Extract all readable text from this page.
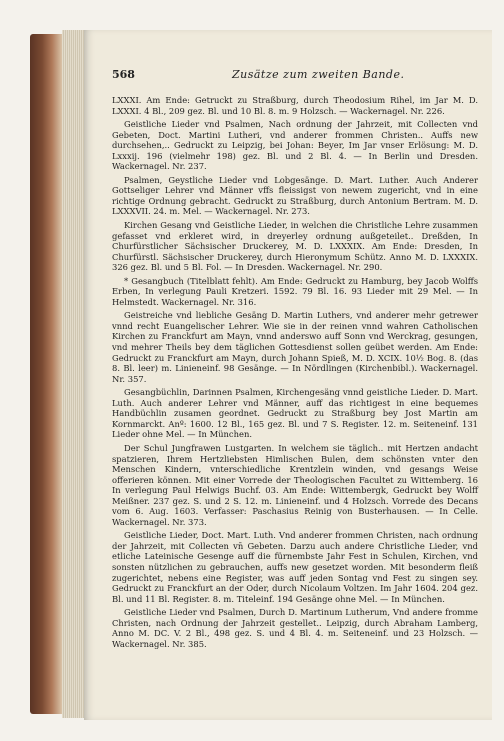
568	Zusätze zum zweiten Bande.

LXXXI. Am Ende: Getruckt zu Straßburg, durch Theodosium Rihel, im Jar M. D. LXXXI. 4 Bl., 209 gez. Bl. und 10 Bl. 8. m. 9 Holzsch. — Wackernagel. Nr. 226.

Geistliche Lieder vnd Psalmen, Nach ordnung der Jahrzeit, mit Collecten vnd Gebeten, Doct. Martini Lutheri, vnd anderer frommen Christen.. Auffs new durchsehen,.. Gedruckt zu Leipzig, bei Johan: Beyer, Im Jar vnser Erlösung: M. D. Lxxxij. 196 (vielmehr 198) gez. Bl. und 2 Bl. 4. — In Berlin und Dresden. Wackernagel. Nr. 237.

Psalmen, Geystliche Lieder vnd Lobgesänge. D. Mart. Luther. Auch Anderer Gottseliger Lehrer vnd Männer vffs fleissigst von newem zugericht, vnd in eine richtige Ordnung gebracht. Gedruckt zu Straßburg, durch Antonium Bertram. M. D. LXXXVII. 24. m. Mel. — Wackernagel. Nr. 273.

Kirchen Gesang vnd Geistliche Lieder, in welchen die Christliche Lehre zusammen gefasset vnd erkleret wird, in dreyerley ordnung außgeteilet.. Dreßden, In Churfürstlicher Sächsischer Druckerey, M. D. LXXXIX. Am Ende: Dresden, In Churfürstl. Sächsischer Druckerey, durch Hieronymum Schütz. Anno M. D. LXXXIX. 326 gez. Bl. und 5 Bl. Fol. — In Dresden. Wackernagel. Nr. 290.

* Gesangbuch (Titelblatt fehlt). Am Ende: Gedruckt zu Hamburg, bey Jacob Wolffs Erben, In verlegung Pauli Kretzeri. 1592. 79 Bl. 16. 93 Lieder mit 29 Mel. — In Helmstedt. Wackernagel. Nr. 316.

Geistreiche vnd liebliche Gesäng D. Martin Luthers, vnd anderer mehr getrewer vnnd recht Euangelischer Lehrer. Wie sie in der reinen vnnd wahren Catholischen Kirchen zu Franckfurt am Mayn, vnnd anderswo auff Sonn vnd Werckrag, gesungen, vnd mehrer Theils bey dem täglichen Gottesdienst sollen geübet werden. Am Ende: Gedruckt zu Franckfurt am Mayn, durch Johann Spieß, M. D. XCIX. 10½ Bog. 8. (das 8. Bl. leer) m. Linieneinf. 98 Gesänge. — In Nördlingen (Kirchenbibl.). Wackernagel. Nr. 357.

Gesangbüchlin, Darinnen Psalmen, Kirchengesäng vnnd geistliche Lieder. D. Mart. Luth. Auch anderer Lehrer vnd Männer, auff das richtigest in eine bequemes Handbüchlin zusamen geordnet. Gedruckt zu Straßburg bey Jost Martin am Kornmarckt. Anº: 1600. 12 Bl., 165 gez. Bl. und 7 S. Register. 12. m. Seiteneinf. 131 Lieder ohne Mel. — In München.

Der Schul Jungfrawen Lustgarten. In welchem sie täglich.. mit Hertzen andacht spatzieren, Ihrem Hertzliebsten Himlischen Bulen, dem schönsten vnter den Menschen Kindern, vnterschiedliche Krentzlein winden, vnd gesangs Weise offerieren können. Mit einer Vorrede der Theologischen Facultet zu Wittemberg. 16 In verlegung Paul Helwigs Buchf. 03. Am Ende: Wittembergk, Gedruckt bey Wolff Meißner. 237 gez. S. und 2 S. 12. m. Linieneinf. und 4 Holzsch. Vorrede des Decans vom 6. Aug. 1603. Verfasser: Paschasius Reinig von Busterhausen. — In Celle. Wackernagel. Nr. 373.

Geistliche Lieder, Doct. Mart. Luth. Vnd anderer frommen Christen, nach ordnung der Jahrzeit, mit Collecten vn̄ Gebeten. Darzu auch andere Christliche Lieder, vnd etliche Lateinische Gesenge auff die fürnembste Jahr Fest in Schulen, Kirchen, vnd sonsten nützlichen zu gebrauchen, auffs new gesetzet worden. Mit besonderm fleiß zugerichtet, nebens eine Register, was auff jeden Sontag vnd Fest zu singen sey. Gedruckt zu Franckfurt an der Oder, durch Nicolaum Voltzen. Im Jahr 1604. 204 gez. Bl. und 11 Bl. Register. 8. m. Titeleinf. 194 Gesänge ohne Mel. — In München.

Geistliche Lieder vnd Psalmen, Durch D. Martinum Lutherum, Vnd andere fromme Christen, nach Ordnung der Jahrzeit gestellet.. Leipzig, durch Abraham Lamberg, Anno M. DC. V. 2 Bl., 498 gez. S. und 4 Bl. 4. m. Seiteneinf. und 23 Holzsch. — Wackernagel. Nr. 385.
